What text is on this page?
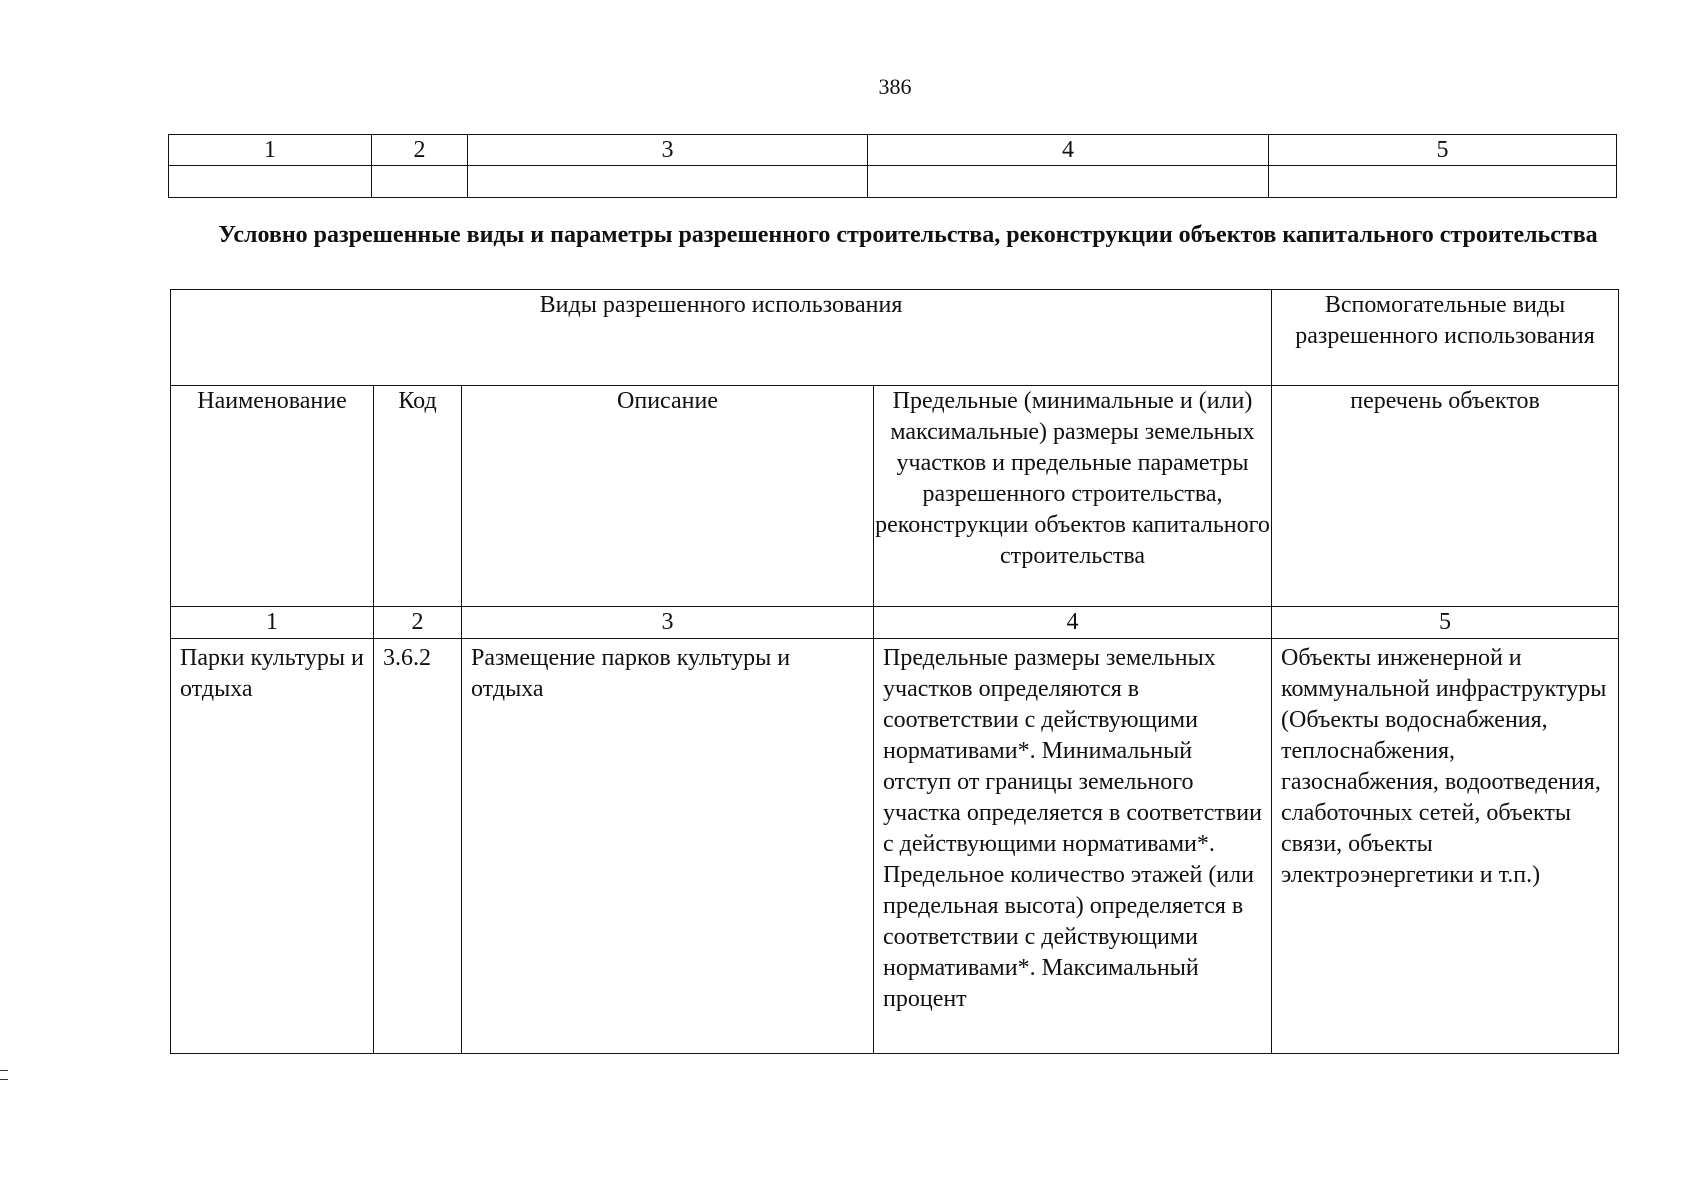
386
1	2	3	4	5

Условно разрешенные виды и параметры разрешенного строительства, реконструкции объектов капитального строительства
Виды разрешенного использования				Вспомогательные виды разрешенного использования
Наименование	Код	Описание	Предельные (минимальные и (или) максимальные) размеры земельных участков и предельные параметры разрешенного строительства, реконструкции объектов капитального строительства	перечень объектов
1	2	3	4	5
Парки культуры и отдыха	3.6.2	Размещение парков культуры и отдыха	Предельные размеры земельных участков определяются в соответствии с действующими нормативами*. Минимальный отступ от границы земельного участка определяется в соответствии с действующими нормативами*. Предельное количество этажей (или предельная высота) определяется в соответствии с действующими нормативами*. Максимальный процент	Объекты инженерной и коммунальной инфраструктуры (Объекты водоснабжения, теплоснабжения, газоснабжения, водоотведения, слаботочных сетей, объекты связи, объекты электроэнергетики и т.п.)
